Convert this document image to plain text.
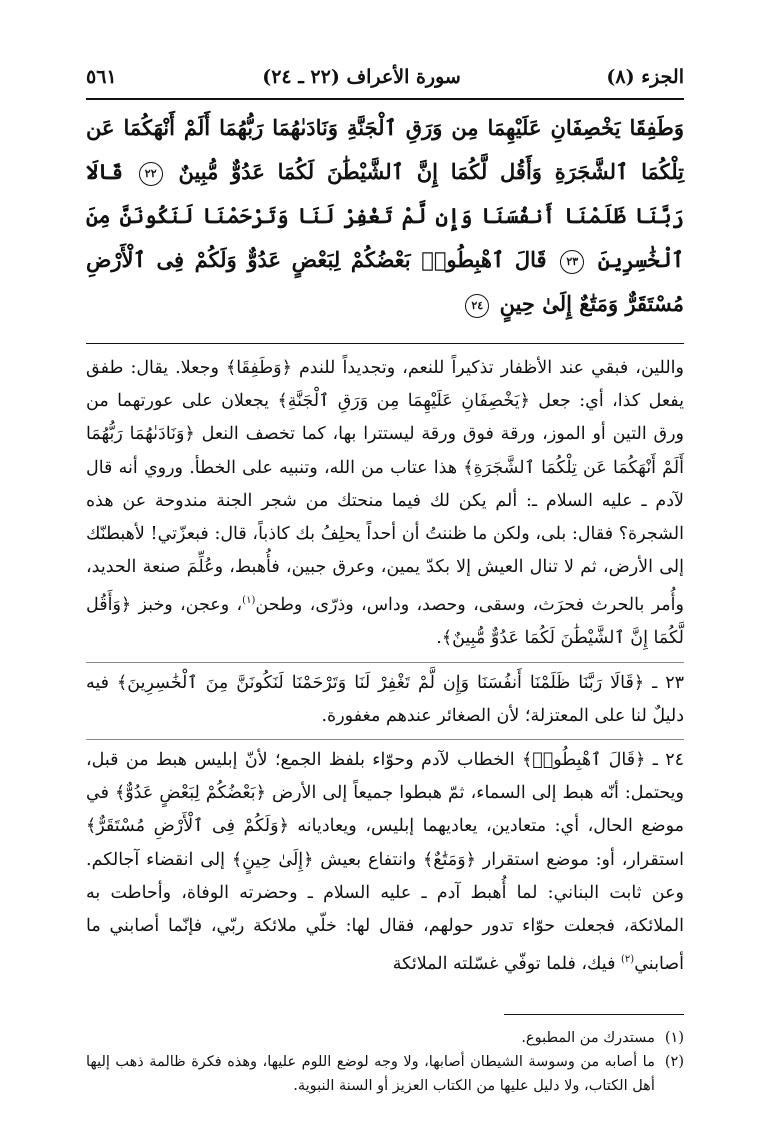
الجزء (٨)
سورة الأعراف (٢٢ ـ ٢٤)
٥٦١
وَطَفِقَا يَخْصِفَانِ عَلَيْهِمَا مِن وَرَقِ ٱلْجَنَّةِ وَنَادَىٰهُمَا رَبُّهُمَا أَلَمْ أَنْهَكُمَا عَن تِلْكُمَا ٱلشَّجَرَةِ وَأَقُل لَّكُمَا إِنَّ ٱلشَّيْطَٰنَ لَكُمَا عَدُوٌّ مُّبِينٌ ٢٢ قَالَا رَبَّنَا ظَلَمْنَا أَنفُسَنَا وَإِن لَّمْ تَغْفِرْ لَنَا وَتَرْحَمْنَا لَنَكُونَنَّ مِنَ ٱلْخَٰسِرِينَ ٢٣ قَالَ ٱهْبِطُوا۟ بَعْضُكُمْ لِبَعْضٍ عَدُوٌّ وَلَكُمْ فِى ٱلْأَرْضِ مُسْتَقَرٌّ وَمَتَٰعٌ إِلَىٰ حِينٍ ٢٤

واللين، فبقي عند الأظفار تذكيراً للنعم، وتجديداً للندم ﴿وَطَفِقَا﴾ وجعلا. يقال: طفق يفعل كذا، أي: جعل ﴿يَخْصِفَانِ عَلَيْهِمَا مِن وَرَقِ ٱلْجَنَّةِ﴾ يجعلان على عورتهما من ورق التين أو الموز، ورقة فوق ورقة ليستترا بها، كما تخصف النعل ﴿وَنَادَىٰهُمَا رَبُّهُمَا أَلَمْ أَنْهَكُمَا عَن تِلْكُمَا ٱلشَّجَرَةِ﴾ هذا عتاب من الله، وتنبيه على الخطأ. وروي أنه قال لآدم ـ عليه السلام ـ: ألم يكن لك فيما منحتك من شجر الجنة مندوحة عن هذه الشجرة؟ فقال: بلى، ولكن ما ظننتُ أن أحداً يحلِفُ بك كاذباً، قال: فبعزّتي! لأهبطنّك إلى الأرض، ثم لا تنال العيش إلا بكدّ يمين، وعرق جبين، فأُهبط، وعُلِّمَ صنعة الحديد، وأُمر بالحرث فحرَث، وسقى، وحصد، وداس، وذرّى، وطحن$^{(١)}$، وعجن، وخبز ﴿وَأَقُل لَّكُمَا إِنَّ ٱلشَّيْطَٰنَ لَكُمَا عَدُوٌّ مُّبِينٌ﴾.

٢٣ ـ ﴿قَالَا رَبَّنَا ظَلَمْنَا أَنفُسَنَا وَإِن لَّمْ تَغْفِرْ لَنَا وَتَرْحَمْنَا لَنَكُونَنَّ مِنَ ٱلْخَٰسِرِينَ﴾ فيه دليلٌ لنا على المعتزلة؛ لأن الصغائر عندهم مغفورة.

٢٤ ـ ﴿قَالَ ٱهْبِطُوا۟﴾ الخطاب لآدم وحوّاء بلفظ الجمع؛ لأنّ إبليس هبط من قبل، ويحتمل: أنّه هبط إلى السماء، ثمّ هبطوا جميعاً إلى الأرض ﴿بَعْضُكُمْ لِبَعْضٍ عَدُوٌّ﴾ في موضع الحال، أي: متعادين، يعاديهما إبليس، ويعاديانه ﴿وَلَكُمْ فِى ٱلْأَرْضِ مُسْتَقَرٌّ﴾ استقرار، أو: موضع استقرار ﴿وَمَتَٰعٌ﴾ وانتفاع بعيش ﴿إِلَىٰ حِينٍ﴾ إلى انقضاء آجالكم. وعن ثابت البناني: لما أُهبط آدم ـ عليه السلام ـ وحضرته الوفاة، وأحاطت به الملائكة، فجعلت حوّاء تدور حولهم، فقال لها: خلّي ملائكة ربّي، فإنّما أصابني ما أصابني$^{(٢)}$ فيك، فلما توفّي غسّلته الملائكة

(١)
مستدرك من المطبوع.
(٢)
ما أصابه من وسوسة الشيطان أصابها، ولا وجه لوضع اللوم عليها، وهذه فكرة ظالمة ذهب إليها أهل الكتاب، ولا دليل عليها من الكتاب العزيز أو السنة النبوية.
